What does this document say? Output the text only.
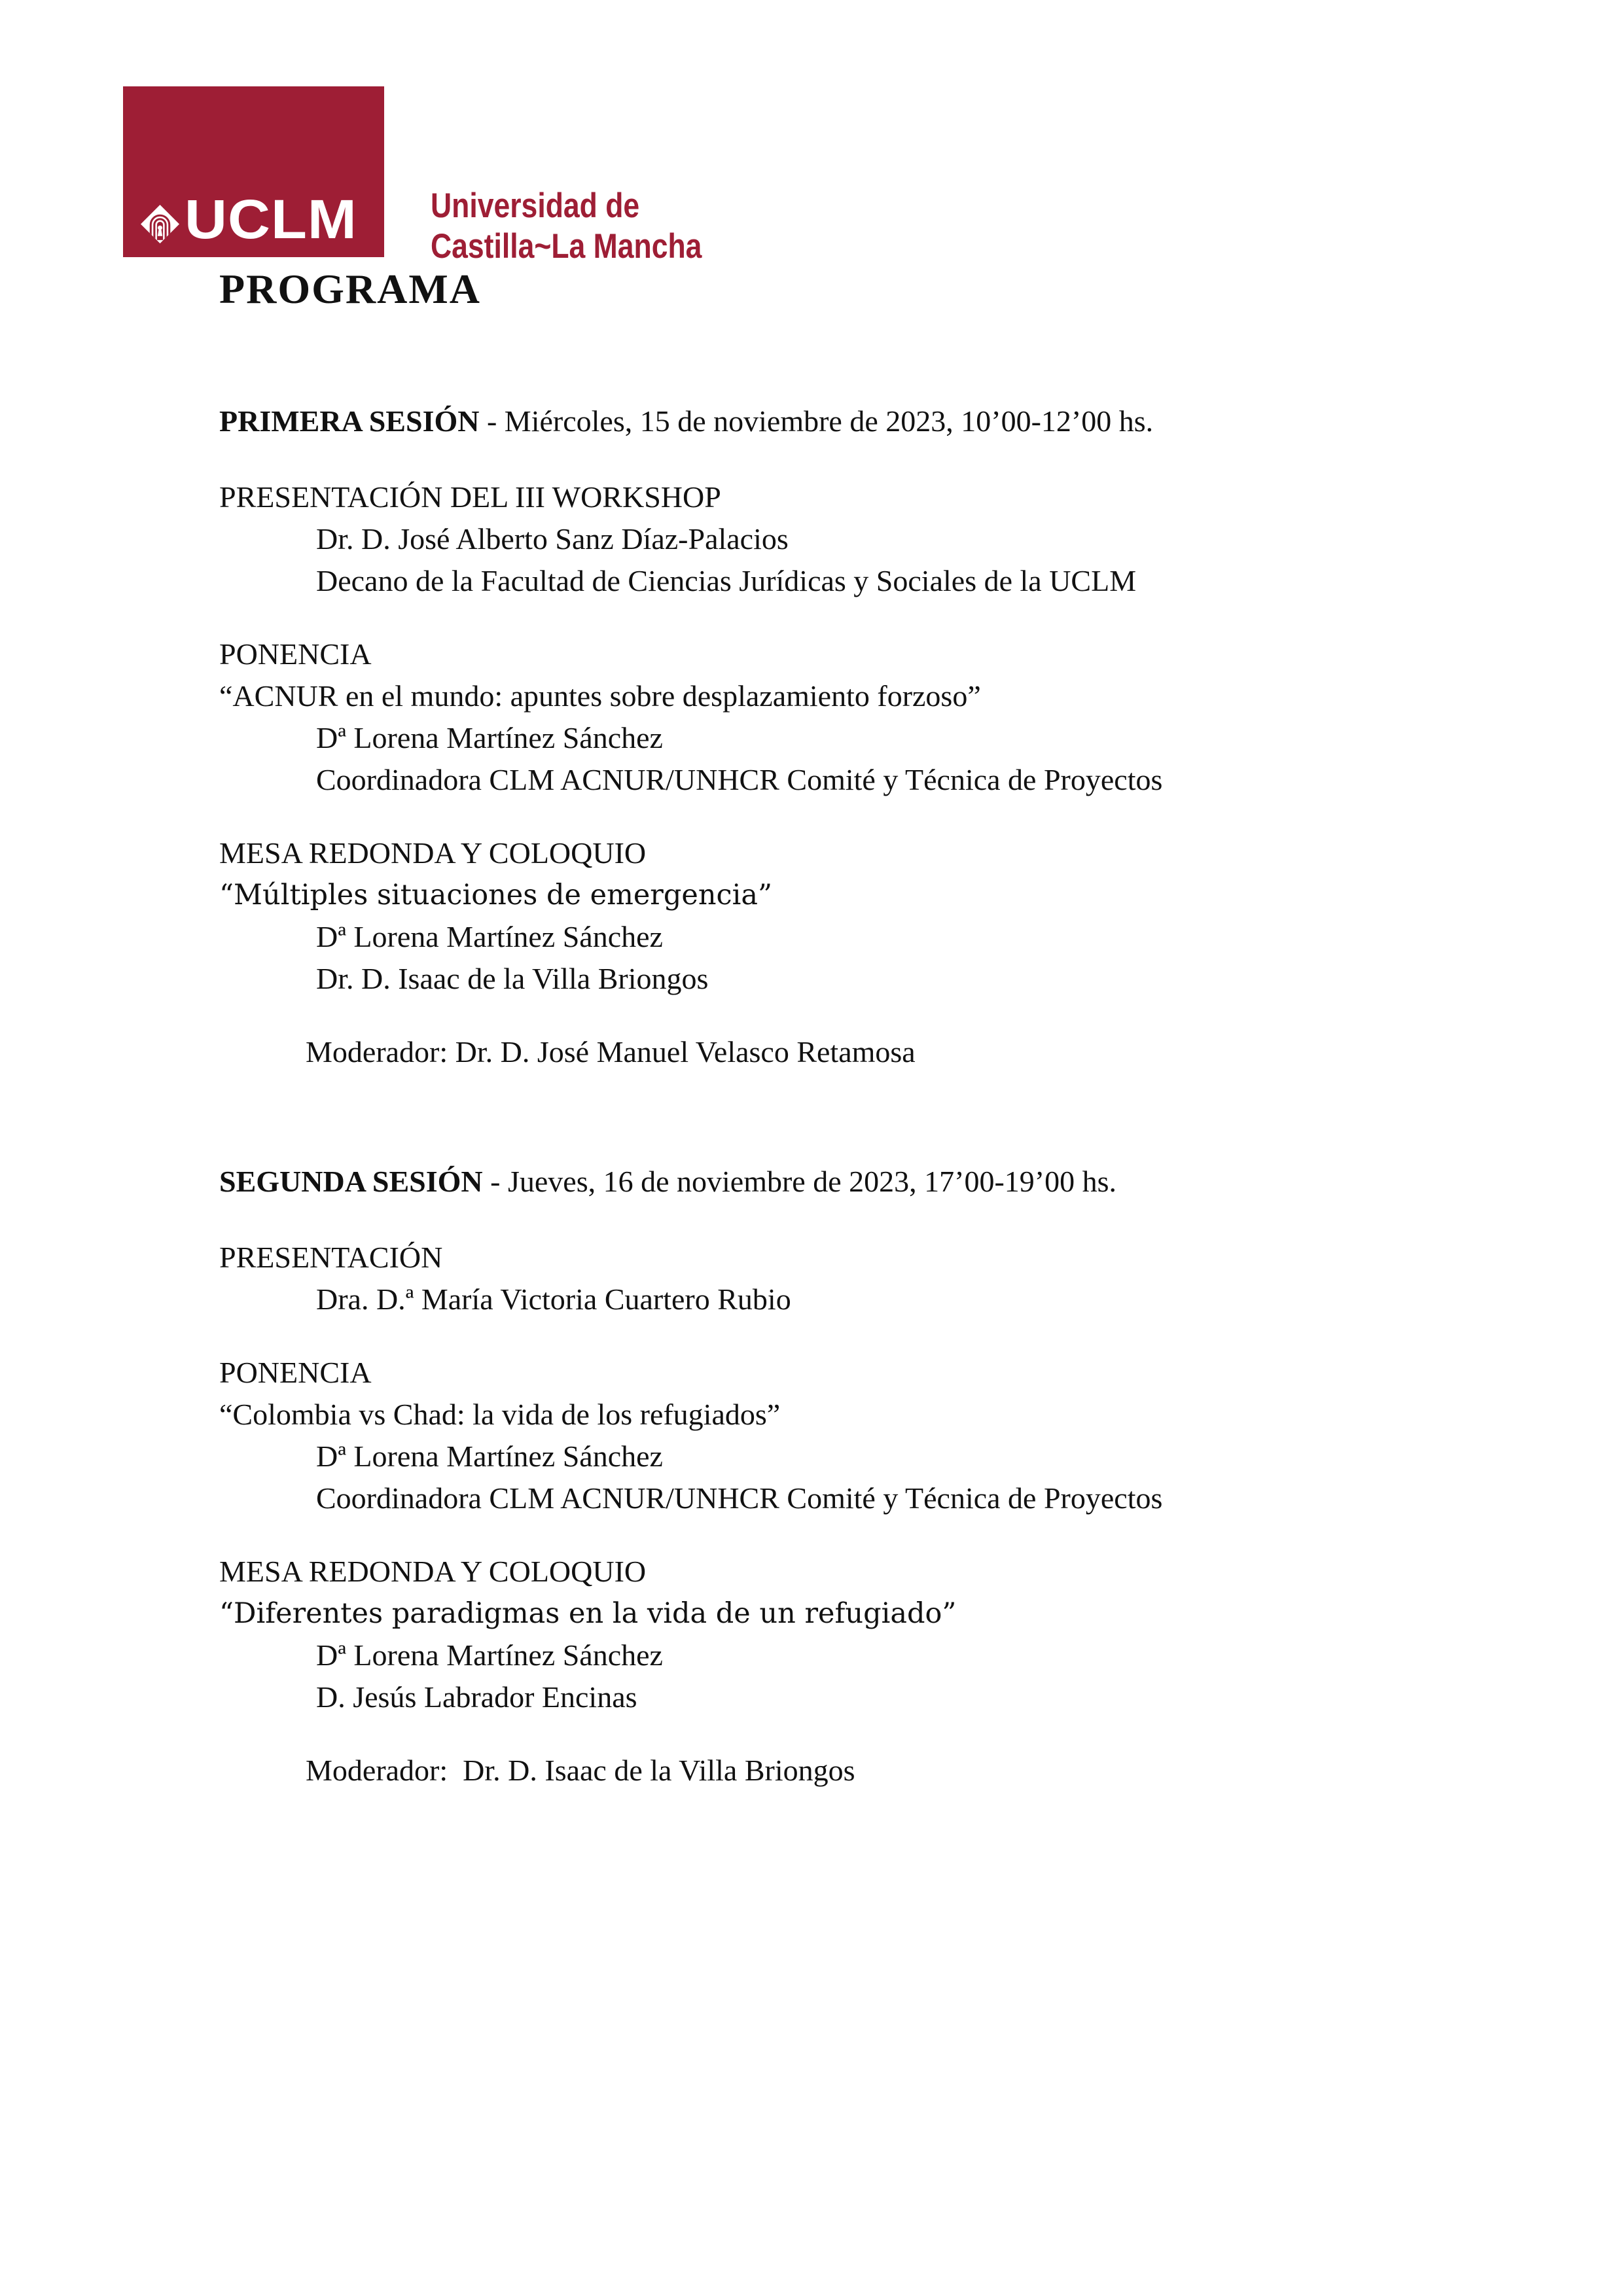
UCLM Universidad de
Castilla~La Mancha
PROGRAMA

PRIMERA SESIÓN - Miércoles, 15 de noviembre de 2023, 10’00-12’00 hs.

PRESENTACIÓN DEL III WORKSHOP

Dr. D. José Alberto Sanz Díaz-Palacios

Decano de la Facultad de Ciencias Jurídicas y Sociales de la UCLM

PONENCIA

“ACNUR en el mundo: apuntes sobre desplazamiento forzoso”

Dª Lorena Martínez Sánchez

Coordinadora CLM ACNUR/UNHCR Comité y Técnica de Proyectos

MESA REDONDA Y COLOQUIO

“Múltiples situaciones de emergencia”

Dª Lorena Martínez Sánchez

Dr. D. Isaac de la Villa Briongos

Moderador: Dr. D. José Manuel Velasco Retamosa

SEGUNDA SESIÓN - Jueves, 16 de noviembre de 2023, 17’00-19’00 hs.

PRESENTACIÓN

Dra. D.ª María Victoria Cuartero Rubio

PONENCIA

“Colombia vs Chad: la vida de los refugiados”

Dª Lorena Martínez Sánchez

Coordinadora CLM ACNUR/UNHCR Comité y Técnica de Proyectos

MESA REDONDA Y COLOQUIO

“Diferentes paradigmas en la vida de un refugiado”

Dª Lorena Martínez Sánchez

D. Jesús Labrador Encinas

Moderador:  Dr. D. Isaac de la Villa Briongos
